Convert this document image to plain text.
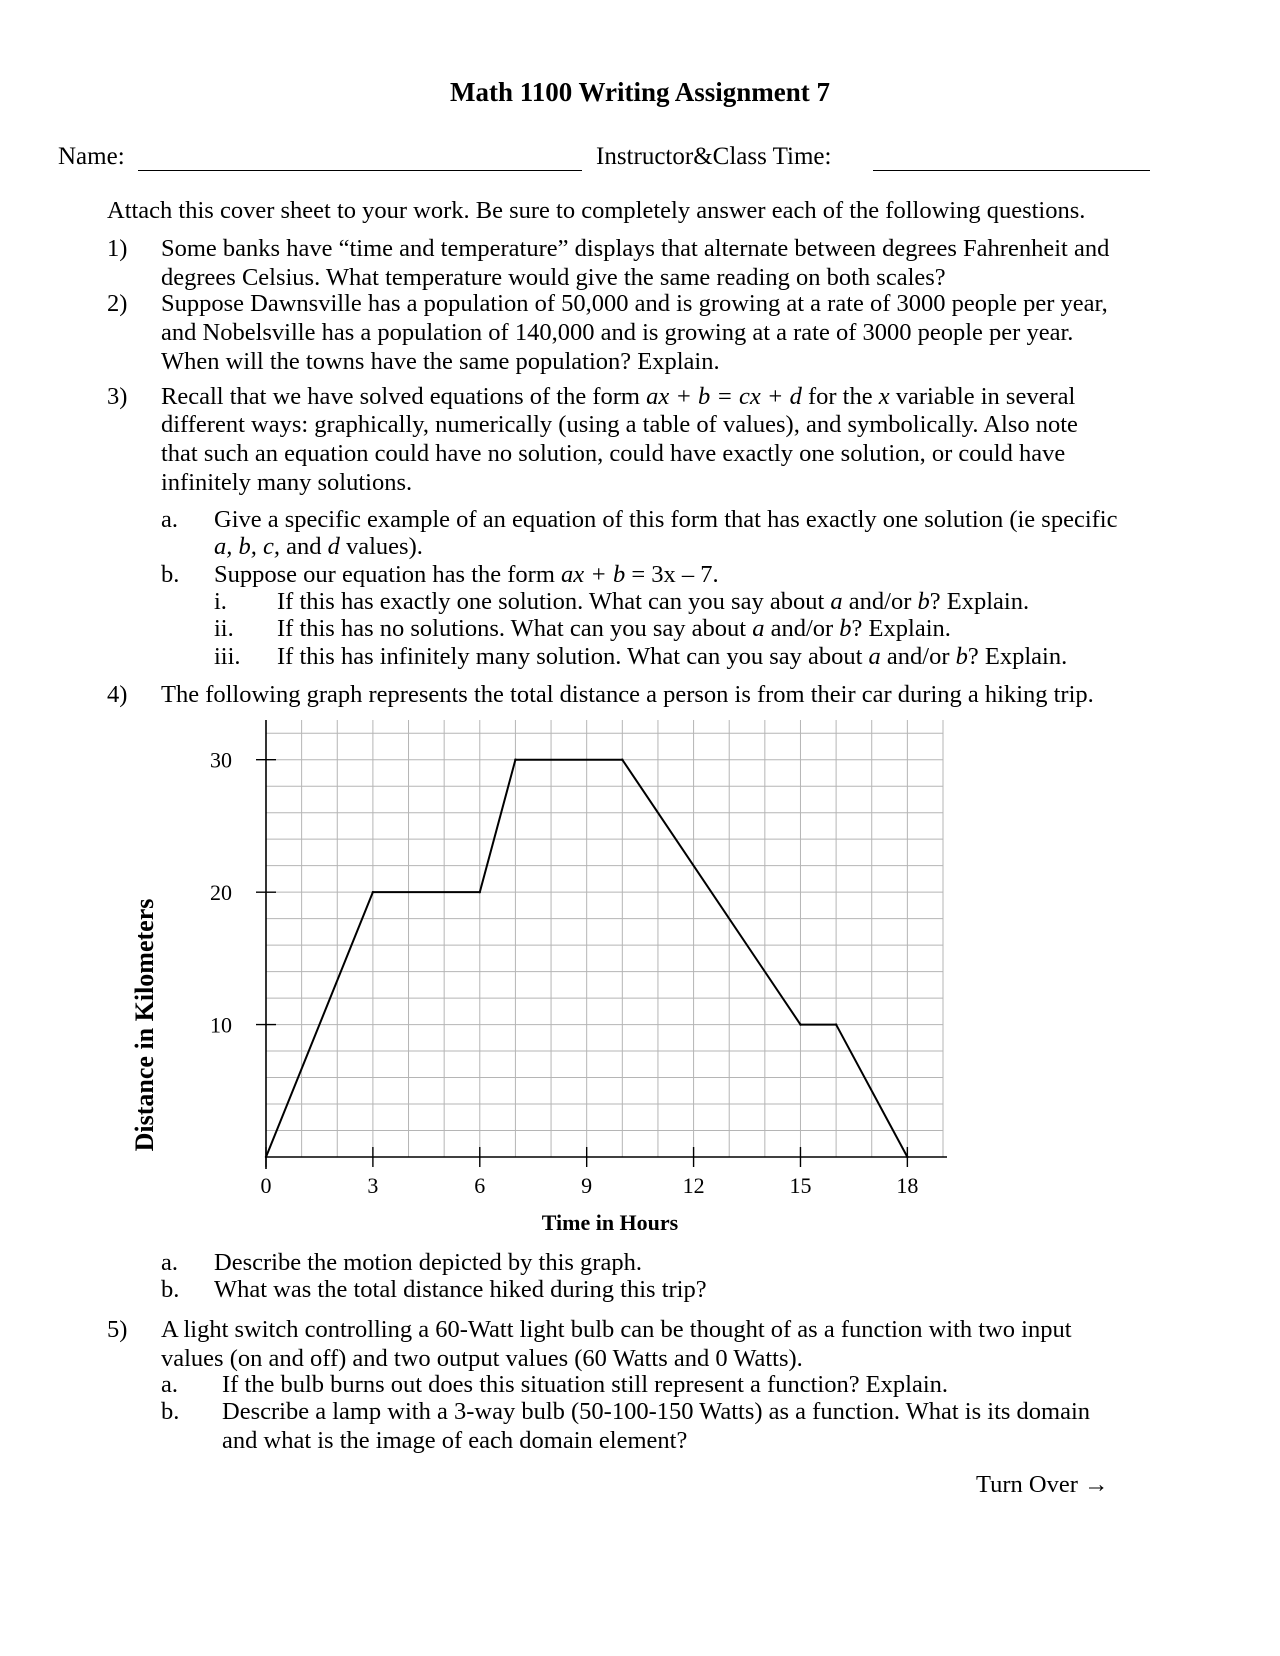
Math 1100 Writing Assignment 7
Name:	Instructor&Class Time:
Attach this cover sheet to your work. Be sure to completely answer each of the following questions.
1) Some banks have “time and temperature” displays that alternate between degrees Fahrenheit and degrees Celsius. What temperature would give the same reading on both scales?
2) Suppose Dawnsville has a population of 50,000 and is growing at a rate of 3000 people per year, and Nobelsville has a population of 140,000 and is growing at a rate of 3000 people per year. When will the towns have the same population? Explain.
3) Recall that we have solved equations of the form ax + b = cx + d for the x variable in several
different ways: graphically, numerically (using a table of values), and symbolically. Also note that such an equation could have no solution, could have exactly one solution, or could have infinitely many solutions.
a. Give a specific example of an equation of this form that has exactly one solution (ie specific
a, b, c, and d values).
b. Suppose our equation has the form ax + b = 3x – 7.
i. If this has exactly one solution. What can you say about a and/or b? Explain.
ii. If this has no solutions. What can you say about a and/or b? Explain.
iii. If this has infinitely many solution. What can you say about a and/or b? Explain.
4) The following graph represents the total distance a person is from their car during a hiking trip.
0	3	6	9	12	15	18
10
20
30
Time in Hours
Distance in Kilometers
a. Describe the motion depicted by this graph.
b. What was the total distance hiked during this trip?
5) A light switch controlling a 60-Watt light bulb can be thought of as a function with two input values (on and off) and two output values (60 Watts and 0 Watts).
a. If the bulb burns out does this situation still represent a function? Explain.
b. Describe a lamp with a 3-way bulb (50-100-150 Watts) as a function. What is its domain and what is the image of each domain element?
Turn Over →
